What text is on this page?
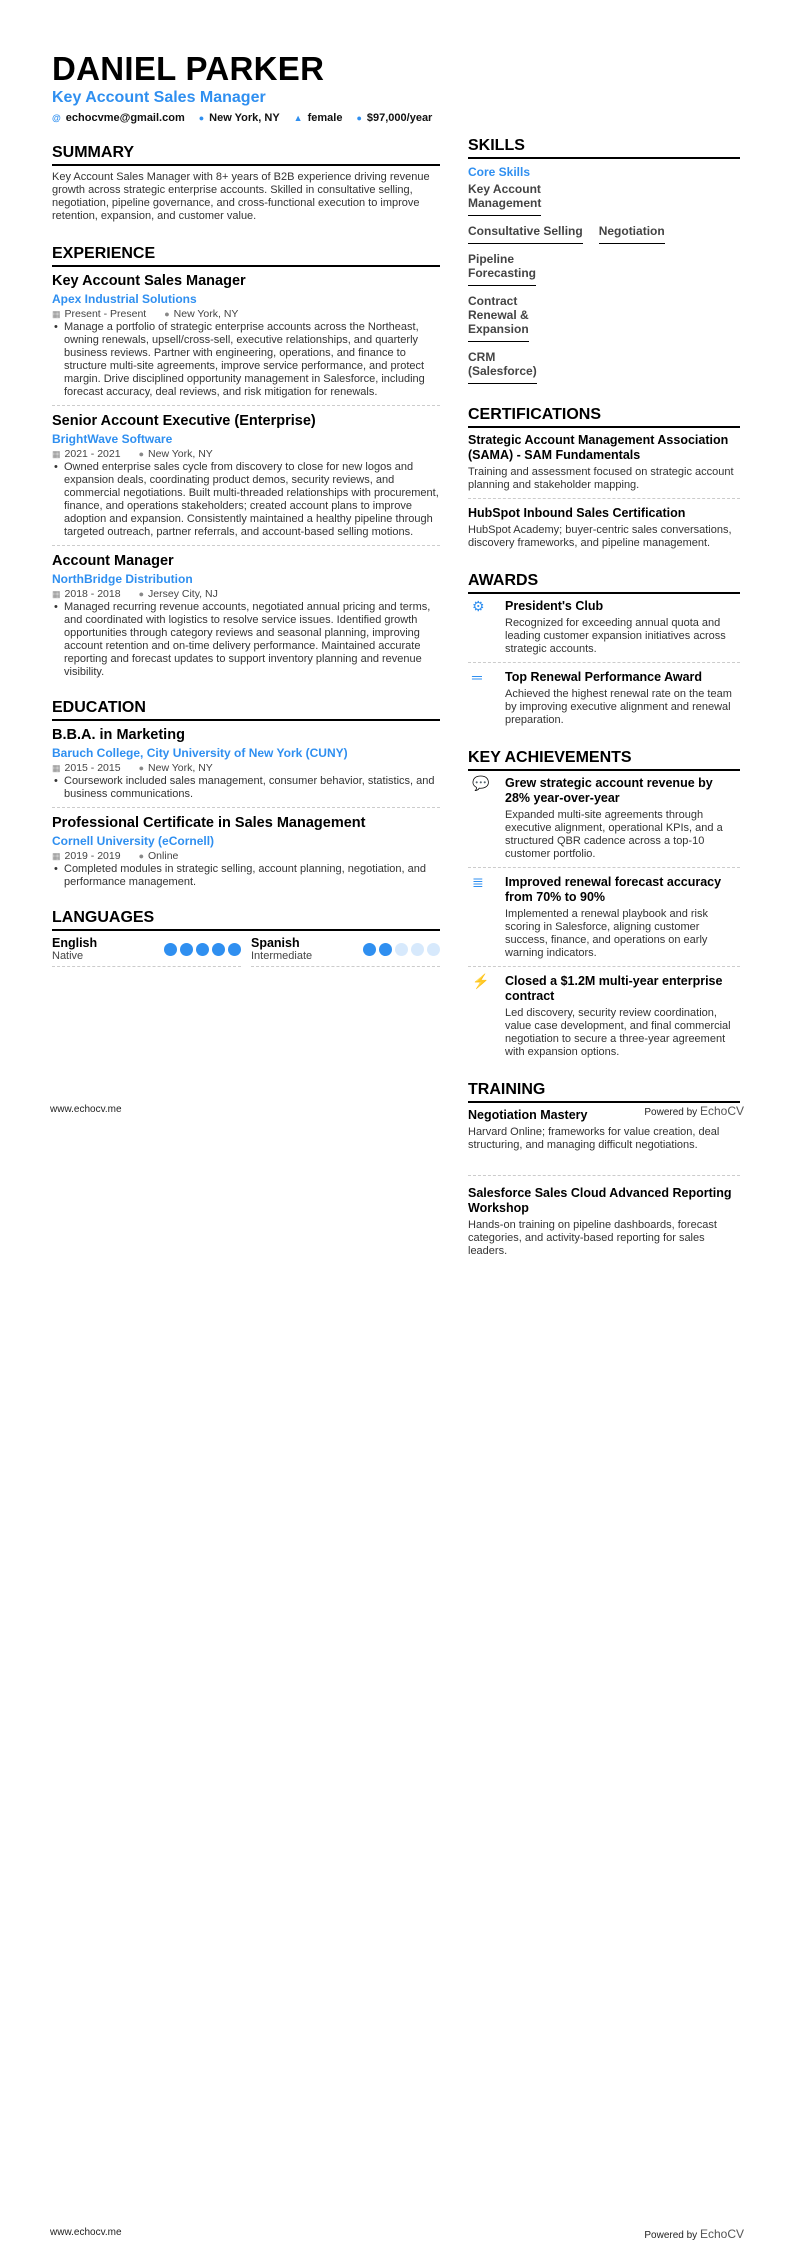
DANIEL PARKER
Key Account Sales Manager
@ echocvme@gmail.com ● New York, NY ▲ female ● $97,000/year
SUMMARY

Key Account Sales Manager with 8+ years of B2B experience driving revenue growth across strategic enterprise accounts. Skilled in consultative selling, negotiation, pipeline governance, and cross-functional execution to improve retention, expansion, and customer value.

EXPERIENCE
Key Account Sales Manager
Apex Industrial Solutions
▦ Present - Present ● New York, NY
• Manage a portfolio of strategic enterprise accounts across the Northeast, owning renewals, upsell/cross-sell, executive relationships, and quarterly business reviews. Partner with engineering, operations, and finance to structure multi-site agreements, improve service performance, and protect margin. Drive disciplined opportunity management in Salesforce, including forecast accuracy, deal reviews, and risk mitigation for renewals.
Senior Account Executive (Enterprise)
BrightWave Software
▦ 2021 - 2021 ● New York, NY
• Owned enterprise sales cycle from discovery to close for new logos and expansion deals, coordinating product demos, security reviews, and commercial negotiations. Built multi-threaded relationships with procurement, finance, and operations stakeholders; created account plans to improve adoption and expansion. Consistently maintained a healthy pipeline through targeted outreach, partner referrals, and account-based selling motions.
Account Manager
NorthBridge Distribution
▦ 2018 - 2018 ● Jersey City, NJ
• Managed recurring revenue accounts, negotiated annual pricing and terms, and coordinated with logistics to resolve service issues. Identified growth opportunities through category reviews and seasonal planning, improving account retention and on-time delivery performance. Maintained accurate reporting and forecast updates to support inventory planning and revenue visibility.
EDUCATION
B.B.A. in Marketing
Baruch College, City University of New York (CUNY)
▦ 2015 - 2015 ● New York, NY
• Coursework included sales management, consumer behavior, statistics, and business communications.
Professional Certificate in Sales Management
Cornell University (eCornell)
▦ 2019 - 2019 ● Online
• Completed modules in strategic selling, account planning, negotiation, and performance management.
LANGUAGES
English
Native
Spanish
Intermediate
SKILLS
Core Skills
Key Account Management
Consultative Selling Negotiation
Pipeline Forecasting
Contract Renewal & Expansion
CRM (Salesforce)
CERTIFICATIONS
Strategic Account Management Association (SAMA) - SAM Fundamentals
Training and assessment focused on strategic account planning and stakeholder mapping.
HubSpot Inbound Sales Certification
HubSpot Academy; buyer-centric sales conversations, discovery frameworks, and pipeline management.
AWARDS
⚙	President's Club
Recognized for exceeding annual quota and leading customer expansion initiatives across strategic accounts.
═	Top Renewal Performance Award
Achieved the highest renewal rate on the team by improving executive alignment and renewal preparation.
KEY ACHIEVEMENTS
💬	Grew strategic account revenue by 28% year-over-year
Expanded multi-site agreements through executive alignment, operational KPIs, and a structured QBR cadence across a top-10 customer portfolio.
≣	Improved renewal forecast accuracy from 70% to 90%
Implemented a renewal playbook and risk scoring in Salesforce, aligning customer success, finance, and operations on early warning indicators.
⚡	Closed a $1.2M multi-year enterprise contract
Led discovery, security review coordination, value case development, and final commercial negotiation to secure a three-year agreement with expansion options.
TRAINING
Negotiation Mastery
Harvard Online; frameworks for value creation, deal structuring, and managing difficult negotiations.
www.echocv.me	Powered by EchoCV
Salesforce Sales Cloud Advanced Reporting Workshop
Hands-on training on pipeline dashboards, forecast categories, and activity-based reporting for sales leaders.
www.echocv.me	Powered by EchoCV
